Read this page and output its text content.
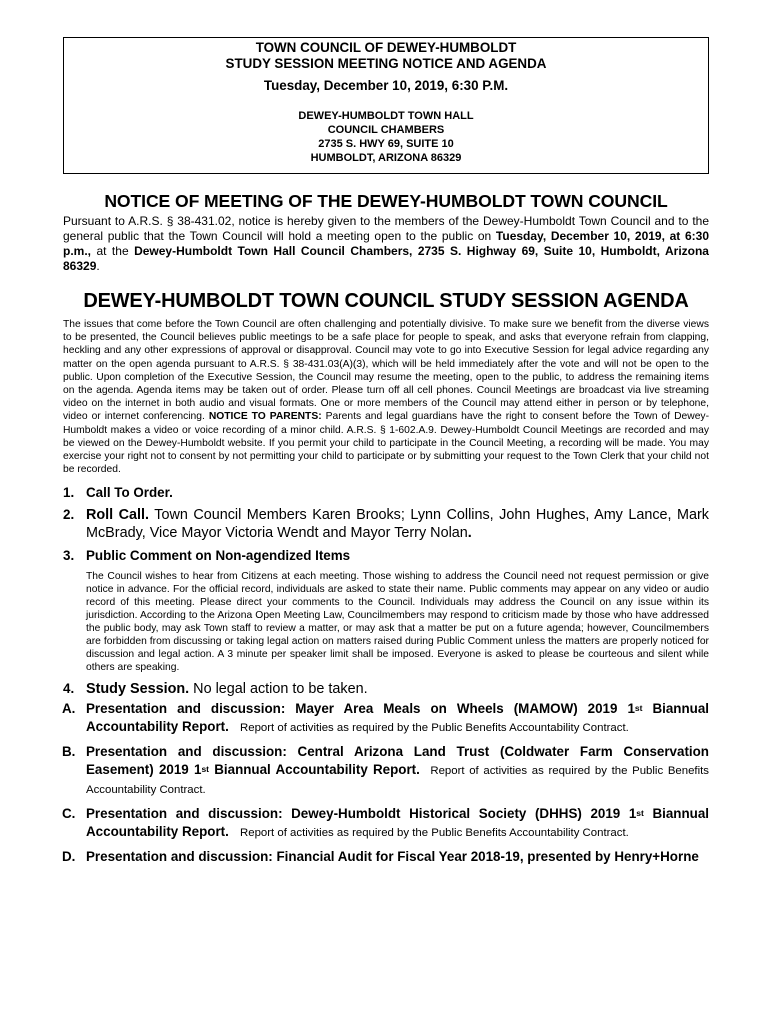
TOWN COUNCIL OF DEWEY-HUMBOLDT
STUDY SESSION MEETING NOTICE AND AGENDA
Tuesday, December 10, 2019, 6:30 P.M.
DEWEY-HUMBOLDT TOWN HALL
COUNCIL CHAMBERS
2735 S. HWY 69, SUITE 10
HUMBOLDT, ARIZONA 86329
NOTICE OF MEETING OF THE DEWEY-HUMBOLDT TOWN COUNCIL
Pursuant to A.R.S. § 38-431.02, notice is hereby given to the members of the Dewey-Humboldt Town Council and to the general public that the Town Council will hold a meeting open to the public on Tuesday, December 10, 2019, at 6:30 p.m., at the Dewey-Humboldt Town Hall Council Chambers, 2735 S. Highway 69, Suite 10, Humboldt, Arizona 86329.
DEWEY-HUMBOLDT TOWN COUNCIL STUDY SESSION AGENDA
The issues that come before the Town Council are often challenging and potentially divisive. To make sure we benefit from the diverse views to be presented, the Council believes public meetings to be a safe place for people to speak, and asks that everyone refrain from clapping, heckling and any other expressions of approval or disapproval. Council may vote to go into Executive Session for legal advice regarding any matter on the open agenda pursuant to A.R.S. § 38-431.03(A)(3), which will be held immediately after the vote and will not be open to the public. Upon completion of the Executive Session, the Council may resume the meeting, open to the public, to address the remaining items on the agenda. Agenda items may be taken out of order. Please turn off all cell phones. Council Meetings are broadcast via live streaming video on the internet in both audio and visual formats. One or more members of the Council may attend either in person or by telephone, video or internet conferencing. NOTICE TO PARENTS: Parents and legal guardians have the right to consent before the Town of Dewey-Humboldt makes a video or voice recording of a minor child. A.R.S. § 1-602.A.9. Dewey-Humboldt Council Meetings are recorded and may be viewed on the Dewey-Humboldt website. If you permit your child to participate in the Council Meeting, a recording will be made. You may exercise your right not to consent by not permitting your child to participate or by submitting your request to the Town Clerk that your child not be recorded.
1. Call To Order.
2. Roll Call. Town Council Members Karen Brooks; Lynn Collins, John Hughes, Amy Lance, Mark McBrady, Vice Mayor Victoria Wendt and Mayor Terry Nolan.
3. Public Comment on Non-agendized Items
The Council wishes to hear from Citizens at each meeting. Those wishing to address the Council need not request permission or give notice in advance. For the official record, individuals are asked to state their name. Public comments may appear on any video or audio record of this meeting. Please direct your comments to the Council. Individuals may address the Council on any issue within its jurisdiction. According to the Arizona Open Meeting Law, Councilmembers may respond to criticism made by those who have addressed the public body, may ask Town staff to review a matter, or may ask that a matter be put on a future agenda; however, Councilmembers are forbidden from discussing or taking legal action on matters raised during Public Comment unless the matters are properly noticed for discussion and legal action. A 3 minute per speaker limit shall be imposed. Everyone is asked to please be courteous and silent while others are speaking.
4. Study Session. No legal action to be taken.
A. Presentation and discussion: Mayer Area Meals on Wheels (MAMOW) 2019 1st Biannual Accountability Report. Report of activities as required by the Public Benefits Accountability Contract.
B. Presentation and discussion: Central Arizona Land Trust (Coldwater Farm Conservation Easement) 2019 1st Biannual Accountability Report. Report of activities as required by the Public Benefits Accountability Contract.
C. Presentation and discussion: Dewey-Humboldt Historical Society (DHHS) 2019 1st Biannual Accountability Report. Report of activities as required by the Public Benefits Accountability Contract.
D. Presentation and discussion: Financial Audit for Fiscal Year 2018-19, presented by Henry+Horne
